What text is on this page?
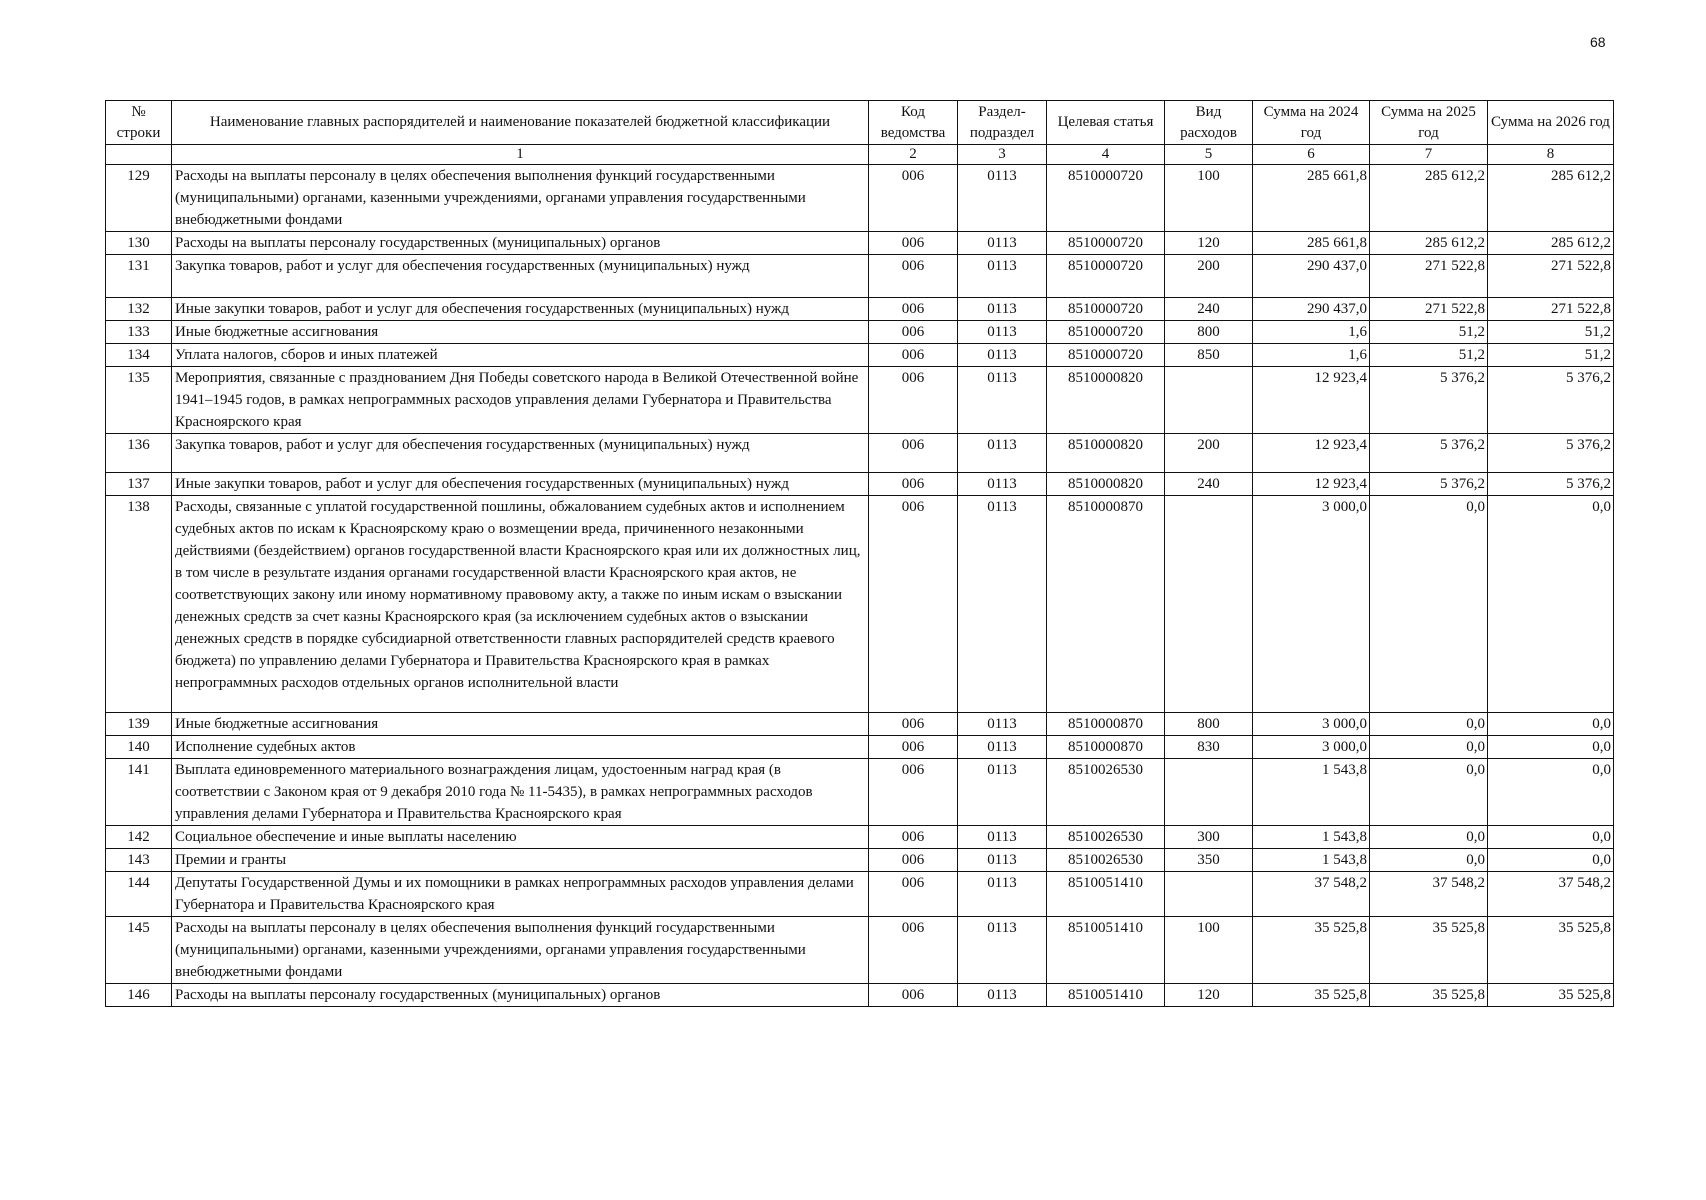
68
№ строки	Наименование главных распорядителей и наименование показателей бюджетной классификации	Код ведомства	Раздел-подраздел	Целевая статья	Вид расходов	Сумма на 2024 год	Сумма на 2025 год	Сумма на 2026 год
	1	2	3	4	5	6	7	8
129	Расходы на выплаты персоналу в целях обеспечения выполнения функций государственными (муниципальными) органами, казенными учреждениями, органами управления государственными внебюджетными фондами	006	0113	8510000720	100	285 661,8	285 612,2	285 612,2
130	Расходы на выплаты персоналу государственных (муниципальных) органов	006	0113	8510000720	120	285 661,8	285 612,2	285 612,2
131	Закупка товаров, работ и услуг для обеспечения государственных (муниципальных) нужд	006	0113	8510000720	200	290 437,0	271 522,8	271 522,8
132	Иные закупки товаров, работ и услуг для обеспечения государственных (муниципальных) нужд	006	0113	8510000720	240	290 437,0	271 522,8	271 522,8
133	Иные бюджетные ассигнования	006	0113	8510000720	800	1,6	51,2	51,2
134	Уплата налогов, сборов и иных платежей	006	0113	8510000720	850	1,6	51,2	51,2
135	Мероприятия, связанные с празднованием Дня Победы советского народа в Великой Отечественной войне 1941–1945 годов, в рамках непрограммных расходов управления делами Губернатора и Правительства Красноярского края	006	0113	8510000820		12 923,4	5 376,2	5 376,2
136	Закупка товаров, работ и услуг для обеспечения государственных (муниципальных) нужд	006	0113	8510000820	200	12 923,4	5 376,2	5 376,2
137	Иные закупки товаров, работ и услуг для обеспечения государственных (муниципальных) нужд	006	0113	8510000820	240	12 923,4	5 376,2	5 376,2
138	Расходы, связанные с уплатой государственной пошлины, обжалованием судебных актов и исполнением судебных актов по искам к Красноярскому краю о возмещении вреда, причиненного незаконными действиями (бездействием) органов государственной власти Красноярского края или их должностных лиц, в том числе в результате издания органами государственной власти Красноярского края актов, не соответствующих закону или иному нормативному правовому акту, а также по иным искам о взыскании денежных средств за счет казны Красноярского края (за исключением судебных актов о взыскании денежных средств в порядке субсидиарной ответственности главных распорядителей средств краевого бюджета) по управлению делами Губернатора и Правительства Красноярского края в рамках непрограммных расходов отдельных органов исполнительной власти	006	0113	8510000870		3 000,0	0,0	0,0
139	Иные бюджетные ассигнования	006	0113	8510000870	800	3 000,0	0,0	0,0
140	Исполнение судебных актов	006	0113	8510000870	830	3 000,0	0,0	0,0
141	Выплата единовременного материального вознаграждения лицам, удостоенным наград края (в соответствии с Законом края от 9 декабря 2010 года № 11-5435), в рамках непрограммных расходов управления делами Губернатора и Правительства Красноярского края	006	0113	8510026530		1 543,8	0,0	0,0
142	Социальное обеспечение и иные выплаты населению	006	0113	8510026530	300	1 543,8	0,0	0,0
143	Премии и гранты	006	0113	8510026530	350	1 543,8	0,0	0,0
144	Депутаты Государственной Думы и их помощники в рамках непрограммных расходов управления делами Губернатора и Правительства Красноярского края	006	0113	8510051410		37 548,2	37 548,2	37 548,2
145	Расходы на выплаты персоналу в целях обеспечения выполнения функций государственными (муниципальными) органами, казенными учреждениями, органами управления государственными внебюджетными фондами	006	0113	8510051410	100	35 525,8	35 525,8	35 525,8
146	Расходы на выплаты персоналу государственных (муниципальных) органов	006	0113	8510051410	120	35 525,8	35 525,8	35 525,8
